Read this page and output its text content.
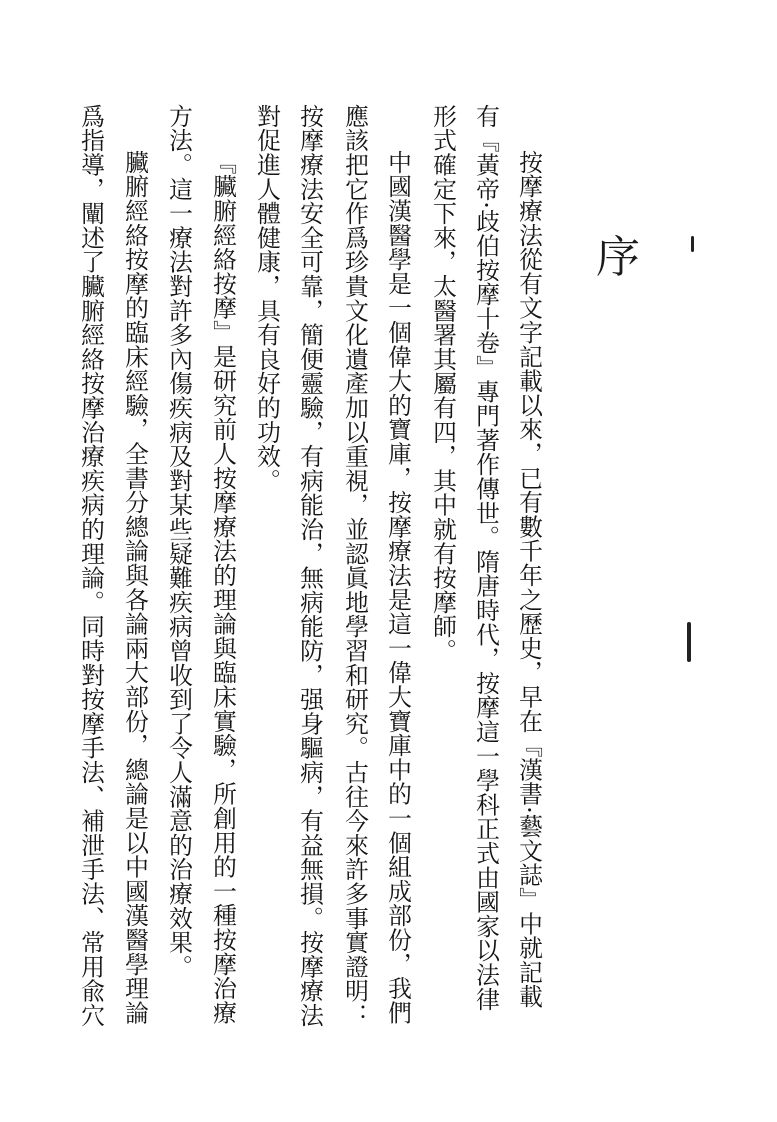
序
按摩療法從有文字記載以來，已有數千年之歷史，早在『漢書·藝文誌』中就記載
有『黃帝·歧伯按摩十卷』專門著作傳世。隋唐時代，按摩這一學科正式由國家以法律
形式確定下來，太醫署其屬有四，其中就有按摩師。
中國漢醫學是一個偉大的寶庫，按摩療法是這一偉大寶庫中的一個組成部份，我們
應該把它作爲珍貴文化遺產加以重視，並認眞地學習和研究。古往今來許多事實證明：
按摩療法安全可靠，簡便靈驗，有病能治，無病能防，强身驅病，有益無損。按摩療法
對促進人體健康，具有良好的功效。
『臟腑經絡按摩』是研究前人按摩療法的理論與臨床實驗，所創用的一種按摩治療
方法。這一療法對許多內傷疾病及對某些疑難疾病曾收到了令人滿意的治療效果。
臟腑經絡按摩的臨床經驗，全書分總論與各論兩大部份，總論是以中國漢醫學理論
爲指導，闡述了臟腑經絡按摩治療疾病的理論。同時對按摩手法、補泄手法、常用兪穴
